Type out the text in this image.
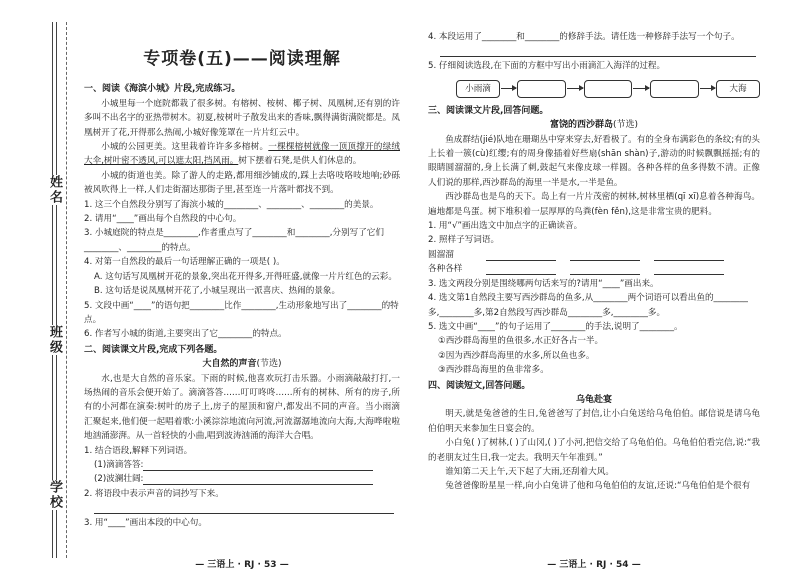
姓名
班级
学校
专项卷(五)——阅读理解
一、阅读《海滨小城》片段,完成练习。
小城里每一个庭院都栽了很多树。有榕树、桉树、椰子树、凤凰树,还有别的许多叫不出名字的亚热带树木。初夏,桉树叶子散发出来的香味,飘得满街满院都是。凤凰树开了花,开得那么热闹,小城好像笼罩在一片片红云中。
小城的公园更美。这里栽着许许多多榕树。一棵棵榕树就像一顶顶撑开的绿绒大伞,树叶密不透风,可以遮太阳,挡风雨。树下摆着石凳,是供人们休息的。
小城的街道也美。除了游人的走路,都用细沙铺成的,踩上去咯吱咯吱地响;砂砾被风吹得上一样,人们走街溜达那街子里,甚至连一片落叶都找不到。
1. 这三个自然段分别写了海滨小城的________、________、________的美景。
2. 请用“____”画出每个自然段的中心句。
3. 小城庭院的特点是________,作者重点写了________和________,分别写了它们________、________的特点。
4. 对第一自然段的最后一句话理解正确的一项是( )。
A. 这句话写凤凰树开花的景象,突出花开得多,开得旺盛,就像一片片红色的云彩。
B. 这句话是说凤凰树开花了,小城呈现出一派喜庆、热闹的景象。
5. 文段中画“____”的语句把________比作________,生动形象地写出了________的特点。
6. 作者写小城的街道,主要突出了它________的特点。
二、阅读课文片段,完成下列各题。
大自然的声音(节选)
水,也是大自然的音乐家。下雨的时候,他喜欢玩打击乐器。小雨滴敲敲打打,一场热闹的音乐会便开始了。滴滴答答……叮叮咚咚……所有的树林、所有的房子,所有的小河都在演奏:树叶的房子上,房子的屋顶和窗户,都发出不同的声音。当小雨滴汇聚起来,他们便一起唱着歌:小溪淙淙地流向河流,河流潺潺地流向大海,大海哗啦啦地汹涌澎湃。从一首轻快的小曲,唱到波涛汹涌的海洋大合唱。
1. 结合语段,解释下列词语。
(1)滴滴答答:
(2)波澜壮阔:
2. 将语段中表示声音的词抄写下来。
3. 用“____”画出本段的中心句。
— 三语上 · RJ · 53 —
4. 本段运用了________和________的修辞手法。请任选一种修辞手法写一个句子。
5. 仔细阅读选段,在下面的方框中写出小雨滴汇入海洋的过程。
小雨滴	大海
三、阅读课文片段,回答问题。
富饶的西沙群岛(节选)
鱼成群结(jié)队地在珊瑚丛中穿来穿去,好看极了。有的全身布满彩色的条纹;有的头上长着一簇(cù)红缨;有的周身像插着好些扇(shān shàn)子,游动的时候飘飘摇摇;有的眼睛圆溜溜的,身上长满了刺,鼓起气来像皮球一样圆。各种各样的鱼多得数不清。正像人们说的那样,西沙群岛的海里一半是水,一半是鱼。
西沙群岛也是鸟的天下。岛上有一片片茂密的树林,树林里栖(qī xī)息着各种海鸟。遍地都是鸟蛋。树下堆积着一层厚厚的鸟粪(fèn fěn),这是非常宝贵的肥料。
1. 用“√”画出选文中加点字的正确读音。
2. 照样子写词语。
圆溜溜
各种各样
3. 选文两段分别是围绕哪两句话来写的?请用“____”画出来。
4. 选文第1自然段主要写西沙群岛的鱼多,从________两个词语可以看出鱼的________多,________多,第2自然段写西沙群岛________多,________多。
5. 选文中画“____”的句子运用了________的手法,说明了________。
①西沙群岛海里的鱼很多,水正好各占一半。
②因为西沙群岛海里的水多,所以鱼也多。
③西沙群岛海里的鱼非常多。
四、阅读短文,回答问题。
乌龟赴宴
明天,就是兔爸爸的生日,兔爸爸写了封信,让小白兔送给乌龟伯伯。邮信说是请乌龟伯伯明天来参加生日宴会的。
小白兔( )了树林,( )了山冈,( )了小河,把信交给了乌龟伯伯。乌龟伯伯看完信,说:“我的老朋友过生日,我一定去。我明天午年准到。”
谁知第二天上午,天下起了大雨,还刮着大风。
兔爸爸像盼星星一样,向小白兔讲了他和乌龟伯伯的友谊,还说:“乌龟伯伯是个很有
— 三语上 · RJ · 54 —
